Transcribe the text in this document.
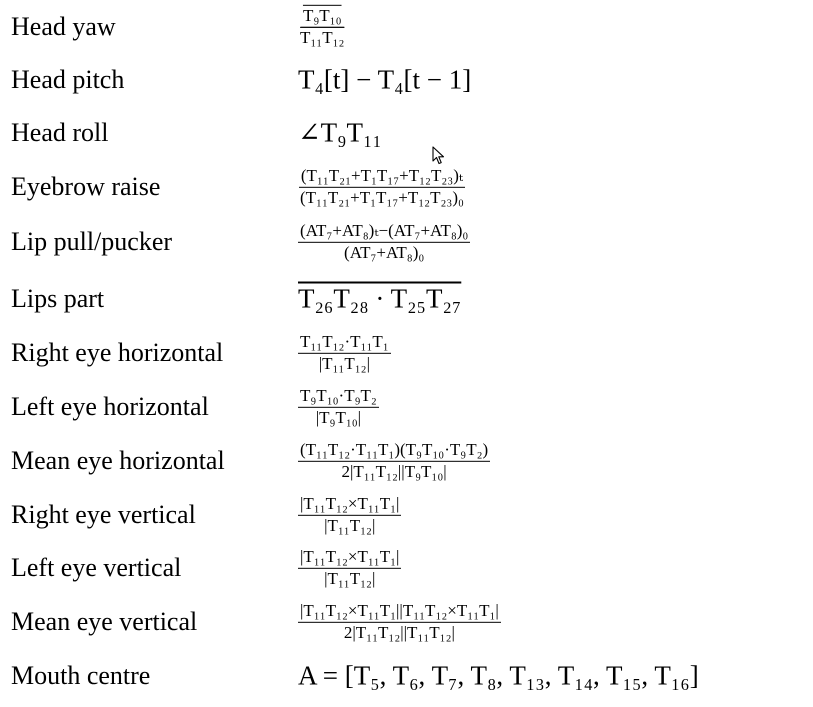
Head yaw	$\frac{\text{T₉T₁₀}}{\text{T₁₁T₁₂}}$
Head pitch	T₄[t] − T₄[t − 1]
Head roll	∠T₉T₁₁
Eyebrow raise	$\frac{\text{(T₁₁T₂₁+T₁T₁₇+T₁₂T₂₃)ₜ}}{\text{(T₁₁T₂₁+T₁T₁₇+T₁₂T₂₃)₀}}$
Lip pull/pucker	$\frac{\text{(AT₇+AT₈)ₜ−(AT₇+AT₈)₀}}{\text{(AT₇+AT₈)₀}}$
Lips part	T₂₆T₂₈ · T₂₅T₂₇
Right eye horizontal	$\frac{\text{T₁₁T₁₂·T₁₁T₁}}{\text{|T₁₁T₁₂|}}$
Left eye horizontal	$\frac{\text{T₉T₁₀·T₉T₂}}{\text{|T₉T₁₀|}}$
Mean eye horizontal	$\frac{\text{(T₁₁T₁₂·T₁₁T₁)(T₉T₁₀·T₉T₂)}}{\text{2|T₁₁T₁₂||T₉T₁₀|}}$
Right eye vertical	$\frac{\text{|T₁₁T₁₂×T₁₁T₁|}}{\text{|T₁₁T₁₂|}}$
Left eye vertical	$\frac{\text{|T₁₁T₁₂×T₁₁T₁|}}{\text{|T₁₁T₁₂|}}$
Mean eye vertical	$\frac{\text{|T₁₁T₁₂×T₁₁T₁||T₁₁T₁₂×T₁₁T₁|}}{\text{2|T₁₁T₁₂||T₁₁T₁₂|}}$
Mouth centre	A = [T₅, T₆, T₇, T₈, T₁₃, T₁₄, T₁₅, T₁₆]
